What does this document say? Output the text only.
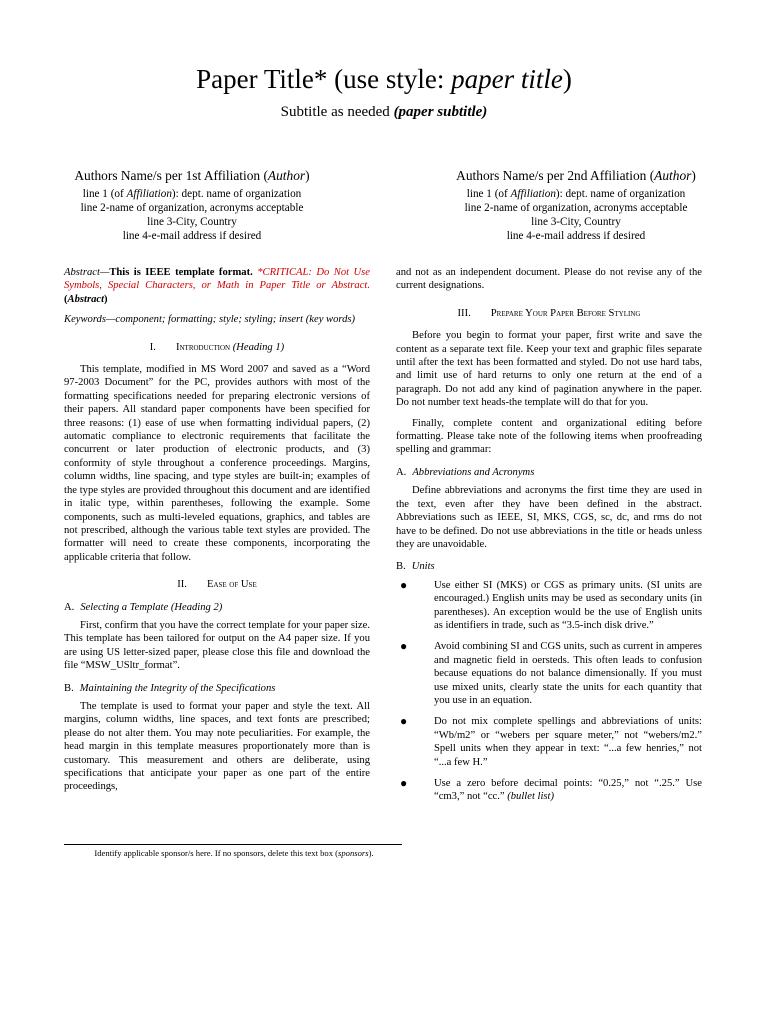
Paper Title* (use style: paper title)
Subtitle as needed (paper subtitle)
Authors Name/s per 1st Affiliation (Author)
line 1 (of Affiliation): dept. name of organization
line 2-name of organization, acronyms acceptable
line 3-City, Country
line 4-e-mail address if desired
Authors Name/s per 2nd Affiliation (Author)
line 1 (of Affiliation): dept. name of organization
line 2-name of organization, acronyms acceptable
line 3-City, Country
line 4-e-mail address if desired

Abstract—This is IEEE template format. *CRITICAL: Do Not Use Symbols, Special Characters, or Math in Paper Title or Abstract. (Abstract)

Keywords—component; formatting; style; styling; insert (key words)

I. Introduction (Heading 1)

This template, modified in MS Word 2007 and saved as a “Word 97-2003 Document” for the PC, provides authors with most of the formatting specifications needed for preparing electronic versions of their papers. All standard paper components have been specified for three reasons: (1) ease of use when formatting individual papers, (2) automatic compliance to electronic requirements that facilitate the concurrent or later production of electronic products, and (3) conformity of style throughout a conference proceedings. Margins, column widths, line spacing, and type styles are built-in; examples of the type styles are provided throughout this document and are identified in italic type, within parentheses, following the example. Some components, such as multi-leveled equations, graphics, and tables are not prescribed, although the various table text styles are provided. The formatter will need to create these components, incorporating the applicable criteria that follow.

II. Ease of Use
A. Selecting a Template (Heading 2)

First, confirm that you have the correct template for your paper size. This template has been tailored for output on the A4 paper size. If you are using US letter-sized paper, please close this file and download the file “MSW_USltr_format”.

B. Maintaining the Integrity of the Specifications

The template is used to format your paper and style the text. All margins, column widths, line spaces, and text fonts are prescribed; please do not alter them. You may note peculiarities. For example, the head margin in this template measures proportionately more than is customary. This measurement and others are deliberate, using specifications that anticipate your paper as one part of the entire proceedings,

and not as an independent document. Please do not revise any of the current designations.

III. Prepare Your Paper Before Styling

Before you begin to format your paper, first write and save the content as a separate text file. Keep your text and graphic files separate until after the text has been formatted and styled. Do not use hard tabs, and limit use of hard returns to only one return at the end of a paragraph. Do not add any kind of pagination anywhere in the paper. Do not number text heads-the template will do that for you.

Finally, complete content and organizational editing before formatting. Please take note of the following items when proofreading spelling and grammar:

A. Abbreviations and Acronyms

Define abbreviations and acronyms the first time they are used in the text, even after they have been defined in the abstract. Abbreviations such as IEEE, SI, MKS, CGS, sc, dc, and rms do not have to be defined. Do not use abbreviations in the title or heads unless they are unavoidable.

B. Units
●	Use either SI (MKS) or CGS as primary units. (SI units are encouraged.) English units may be used as secondary units (in parentheses). An exception would be the use of English units as identifiers in trade, such as “3.5-inch disk drive.”
●	Avoid combining SI and CGS units, such as current in amperes and magnetic field in oersteds. This often leads to confusion because equations do not balance dimensionally. If you must use mixed units, clearly state the units for each quantity that you use in an equation.
●	Do not mix complete spellings and abbreviations of units: “Wb/m2” or “webers per square meter,” not “webers/m2.” Spell units when they appear in text: “...a few henries,” not “...a few H.”
●	Use a zero before decimal points: “0.25,” not “.25.” Use “cm3,” not “cc.” (bullet list)
Identify applicable sponsor/s here. If no sponsors, delete this text box (sponsors).
